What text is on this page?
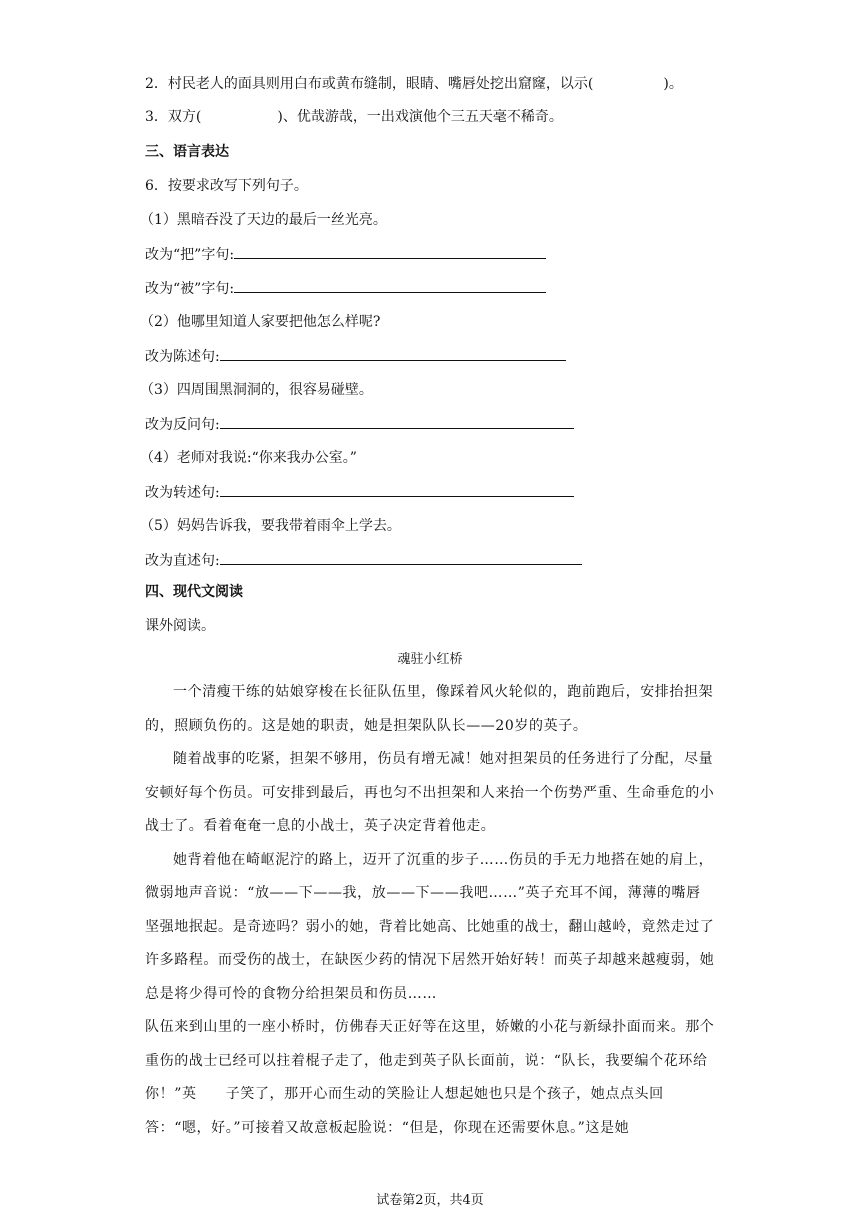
2．村民老人的面具则用白布或黄布缝制，眼睛、嘴唇处挖出窟窿，以示(	)。
3．双方(	)、优哉游哉，一出戏演他个三五天毫不稀奇。
三、语言表达
6．按要求改写下列句子。
（1）黑暗吞没了天边的最后一丝光亮。
改为“把”字句:
改为“被”字句:
（2）他哪里知道人家要把他怎么样呢?
改为陈述句:
（3）四周围黑洞洞的，很容易碰壁。
改为反问句:
（4）老师对我说:“你来我办公室。”
改为转述句:
（5）妈妈告诉我，要我带着雨伞上学去。
改为直述句:
四、现代文阅读
课外阅读。
魂驻小红桥

一个清瘦干练的姑娘穿梭在长征队伍里，像踩着风火轮似的，跑前跑后，安排抬担架的，照顾负伤的。这是她的职责，她是担架队队长——20岁的英子。

随着战事的吃紧，担架不够用，伤员有增无减！她对担架员的任务进行了分配，尽量安顿好每个伤员。可安排到最后，再也匀不出担架和人来抬一个伤势严重、生命垂危的小战士了。看着奄奄一息的小战士，英子决定背着他走。

她背着他在崎岖泥泞的路上，迈开了沉重的步子……伤员的手无力地搭在她的肩上，微弱地声音说：“放——下——我，放——下——我吧……”英子充耳不闻，薄薄的嘴唇坚强地抿起。是奇迹吗？弱小的她，背着比她高、比她重的战士，翻山越岭，竟然走过了许多路程。而受伤的战士，在缺医少药的情况下居然开始好转！而英子却越来越瘦弱，她总是将少得可怜的食物分给担架员和伤员……

队伍来到山里的一座小桥时，仿佛春天正好等在这里，娇嫩的小花与新绿扑面而来。那个重伤的战士已经可以拄着棍子走了，他走到英子队长面前，说：“队长，我要编个花环给你！”英　　子笑了，那开心而生动的笑脸让人想起她也只是个孩子，她点点头回答：“嗯，好。”可接着又故意板起脸说：“但是，你现在还需要休息。”这是她

试卷第2页，共4页
